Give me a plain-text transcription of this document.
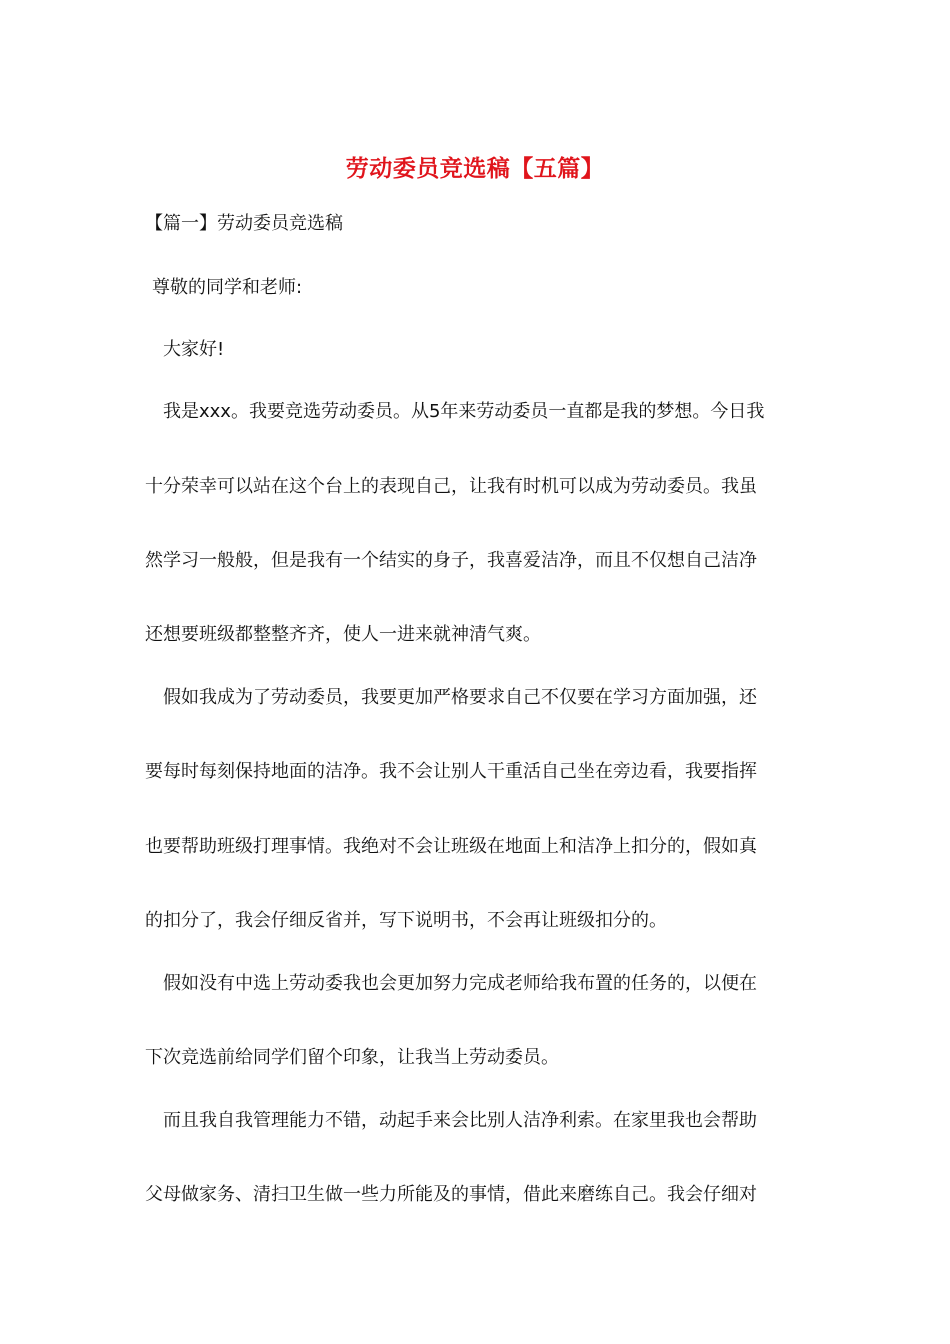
劳动委员竞选稿【五篇】
【篇一】劳动委员竞选稿
尊敬的同学和老师:
大家好!
我是xxx。我要竞选劳动委员。从5年来劳动委员一直都是我的梦想。今日我
十分荣幸可以站在这个台上的表现自己，让我有时机可以成为劳动委员。我虽
然学习一般般，但是我有一个结实的身子，我喜爱洁净，而且不仅想自己洁净
还想要班级都整整齐齐，使人一进来就神清气爽。
假如我成为了劳动委员，我要更加严格要求自己不仅要在学习方面加强，还
要每时每刻保持地面的洁净。我不会让别人干重活自己坐在旁边看，我要指挥
也要帮助班级打理事情。我绝对不会让班级在地面上和洁净上扣分的，假如真
的扣分了，我会仔细反省并，写下说明书，不会再让班级扣分的。
假如没有中选上劳动委我也会更加努力完成老师给我布置的任务的，以便在
下次竞选前给同学们留个印象，让我当上劳动委员。
而且我自我管理能力不错，动起手来会比别人洁净利索。在家里我也会帮助
父母做家务、清扫卫生做一些力所能及的事情，借此来磨练自己。我会仔细对
